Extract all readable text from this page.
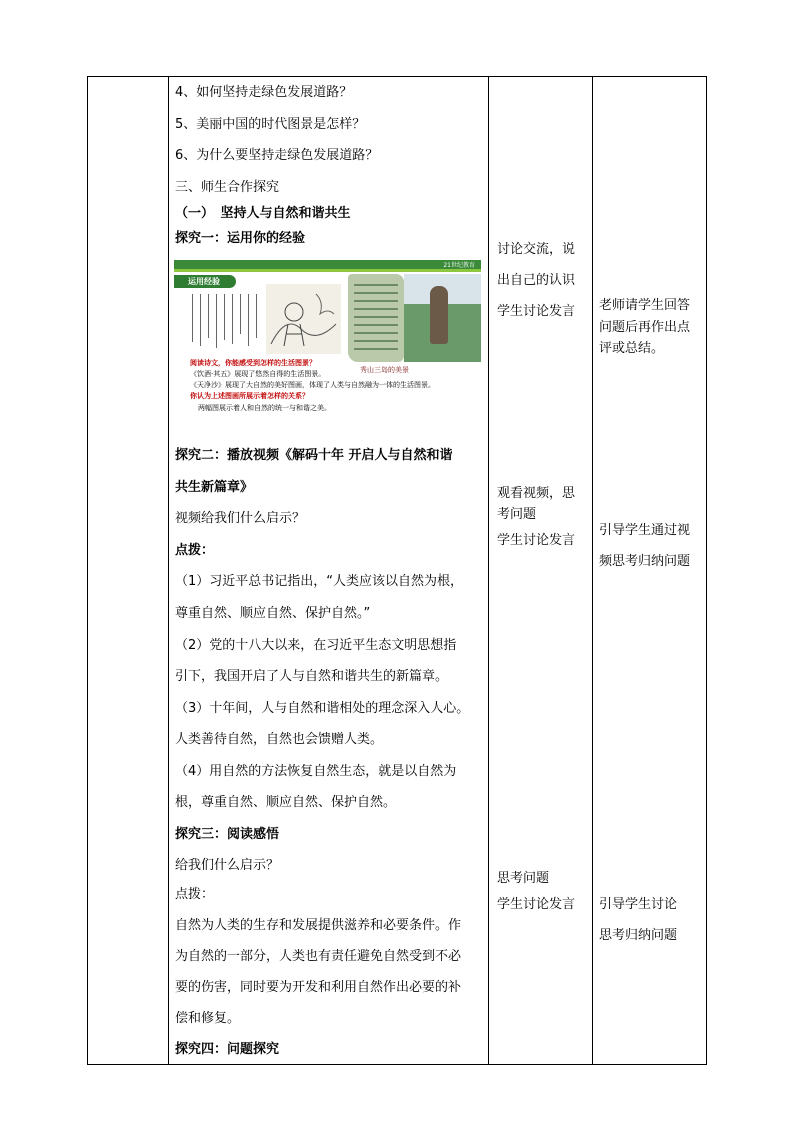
4、如何坚持走绿色发展道路？
5、美丽中国的时代图景是怎样？
6、为什么要坚持走绿色发展道路？
三、师生合作探究
（一）　坚持人与自然和谐共生
探究一：运用你的经验
21世纪教育
运用经验
阅读诗文，你能感受到怎样的生活图景？
《饮酒·其五》展现了悠然自得的生活图景。
《天净沙》展现了大自然的美好图画，体现了人类与自然融为一体的生活图景。
你认为上述图画所展示着怎样的关系？
两幅图展示着人和自然的统一与和谐之美。
秀山三岛的美景
探究二：播放视频《解码十年 开启人与自然和谐
共生新篇章》
视频给我们什么启示？
点拨：
（1）习近平总书记指出，“人类应该以自然为根，
尊重自然、顺应自然、保护自然。”
（2）党的十八大以来，在习近平生态文明思想指
引下，我国开启了人与自然和谐共生的新篇章。
（3）十年间，人与自然和谐相处的理念深入人心。
人类善待自然，自然也会馈赠人类。
（4）用自然的方法恢复自然生态，就是以自然为
根，尊重自然、顺应自然、保护自然。
探究三：阅读感悟
给我们什么启示？
点拨：
自然为人类的生存和发展提供滋养和必要条件。作
为自然的一部分，人类也有责任避免自然受到不必
要的伤害，同时要为开发和利用自然作出必要的补
偿和修复。
探究四：问题探究
讨论交流，说
出自己的认识
学生讨论发言
观看视频，思
考问题
学生讨论发言
思考问题
学生讨论发言
老师请学生回答
问题后再作出点
评或总结。
引导学生通过视
频思考归纳问题
引导学生讨论
思考归纳问题
